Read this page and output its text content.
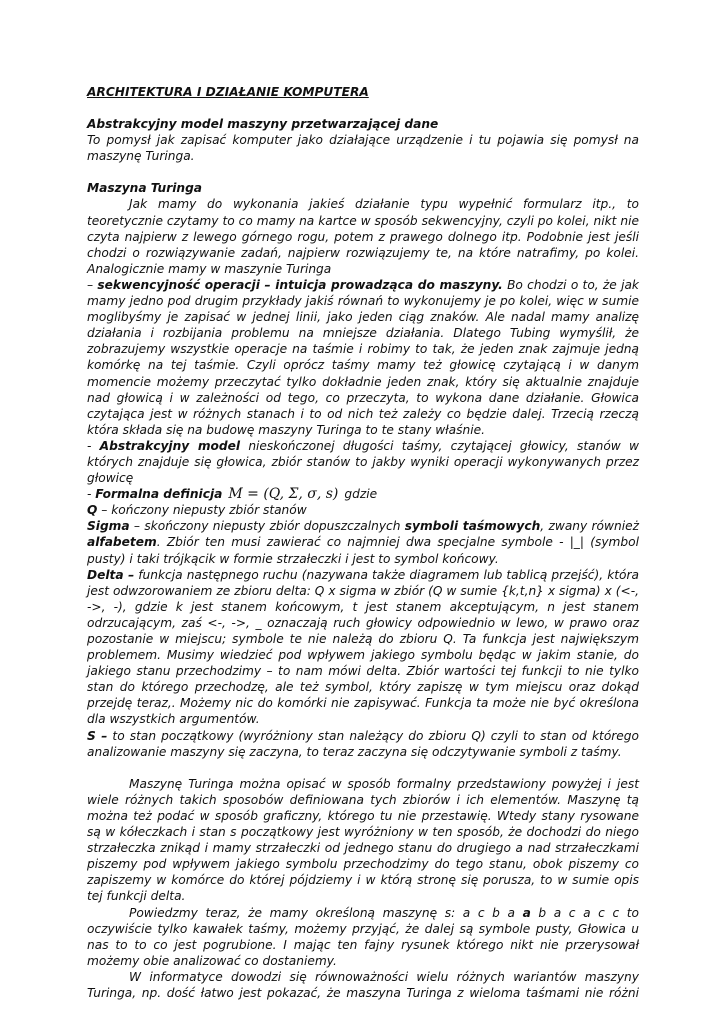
ARCHITEKTURA I DZIAŁANIE KOMPUTERA

Abstrakcyjny model maszyny przetwarzającej dane

To pomysł jak zapisać komputer jako działające urządzenie i tu pojawia się pomysł na maszynę Turinga.

Maszyna Turinga

Jak mamy do wykonania jakieś działanie typu wypełnić formularz itp., to teoretycznie czytamy to co mamy na kartce w sposób sekwencyjny, czyli po kolei, nikt nie czyta najpierw z lewego górnego rogu, potem z prawego dolnego itp. Podobnie jest jeśli chodzi o rozwiązywanie zadań, najpierw rozwiązujemy te, na które natrafimy, po kolei. Analogicznie mamy w maszynie Turinga

– sekwencyjność operacji – intuicja prowadząca do maszyny. Bo chodzi o to, że jak mamy jedno pod drugim przykłady jakiś równań to wykonujemy je po kolei, więc w sumie moglibyśmy je zapisać w jednej linii, jako jeden ciąg znaków. Ale nadal mamy analizę działania i rozbijania problemu na mniejsze działania. Dlatego Tubing wymyślił, że zobrazujemy wszystkie operacje na taśmie i robimy to tak, że jeden znak zajmuje jedną komórkę na tej taśmie. Czyli oprócz taśmy mamy też głowicę czytającą i w danym momencie możemy przeczytać tylko dokładnie jeden znak, który się aktualnie znajduje nad głowicą i w zależności od tego, co przeczyta, to wykona dane działanie. Głowica czytająca jest w różnych stanach i to od nich też zależy co będzie dalej. Trzecią rzeczą która składa się na budowę maszyny Turinga to te stany właśnie.

- Abstrakcyjny model nieskończonej długości taśmy, czytającej głowicy, stanów w których znajduje się głowica, zbiór stanów to jakby wyniki operacji wykonywanych przez głowicę

- Formalna definicja M = (Q, Σ, σ, s) gdzie

Q – kończony niepusty zbiór stanów

Sigma – skończony niepusty zbiór dopuszczalnych symboli taśmowych, zwany również alfabetem. Zbiór ten musi zawierać co najmniej dwa specjalne symbole - |_| (symbol pusty) i taki trójkącik w formie strzałeczki i jest to symbol końcowy.

Delta – funkcja następnego ruchu (nazywana także diagramem lub tablicą przejść), która jest odwzorowaniem ze zbioru delta: Q x sigma w zbiór (Q w sumie {k,t,n} x sigma) x (<-, ->, -), gdzie k jest stanem końcowym, t jest stanem akceptującym, n jest stanem odrzucającym, zaś <-, ->, _ oznaczają ruch głowicy odpowiednio w lewo, w prawo oraz pozostanie w miejscu; symbole te nie należą do zbioru Q. Ta funkcja jest największym problemem. Musimy wiedzieć pod wpływem jakiego symbolu będąc w jakim stanie, do jakiego stanu przechodzimy – to nam mówi delta. Zbiór wartości tej funkcji to nie tylko stan do którego przechodzę, ale też symbol, który zapiszę w tym miejscu oraz dokąd przejdę teraz,. Możemy nic do komórki nie zapisywać. Funkcja ta może nie być określona dla wszystkich argumentów.

S – to stan początkowy (wyróżniony stan należący do zbioru Q) czyli to stan od którego analizowanie maszyny się zaczyna, to teraz zaczyna się odczytywanie symboli z taśmy.

Maszynę Turinga można opisać w sposób formalny przedstawiony powyżej i jest wiele różnych takich sposobów definiowana tych zbiorów i ich elementów. Maszynę tą można też podać w sposób graficzny, którego tu nie przestawię. Wtedy stany rysowane są w kółeczkach i stan s początkowy jest wyróżniony w ten sposób, że dochodzi do niego strzałeczka znikąd i mamy strzałeczki od jednego stanu do drugiego a nad strzałeczkami piszemy pod wpływem jakiego symbolu przechodzimy do tego stanu, obok piszemy co zapiszemy w komórce do której pójdziemy i w którą stronę się porusza, to w sumie opis tej funkcji delta.

Powiedzmy teraz, że mamy określoną maszynę s: a c b a a b a c a c c to oczywiście tylko kawałek taśmy, możemy przyjąć, że dalej są symbole pusty, Głowica u nas to to co jest pogrubione. I mając ten fajny rysunek którego nikt nie przerysował możemy obie analizować co dostaniemy.

W informatyce dowodzi się równoważności wielu różnych wariantów maszyny Turinga, np. dość łatwo jest pokazać, że maszyna Turinga z wieloma taśmami nie różni
